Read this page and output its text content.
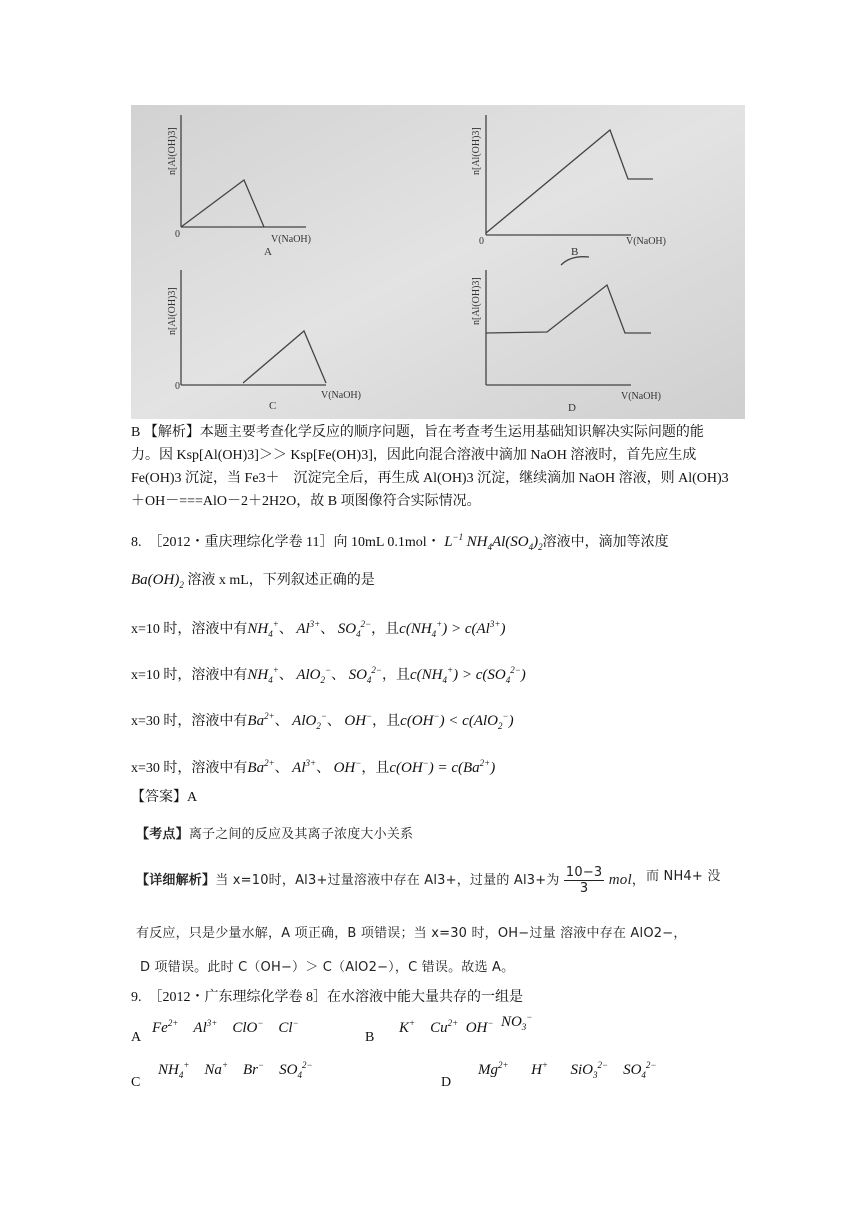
0	V(NaOH)
A
n[Al(OH)3]
0	V(NaOH)
B
n[Al(OH)3]
0
V(NaOH)
C
n[Al(OH)3]
V(NaOH)
D
n[Al(OH)3]
B 【解析】本题主要考查化学反应的顺序问题，旨在考查考生运用基础知识解决实际问题的能力。因 Ksp[Al(OH)3]＞＞ Ksp[Fe(OH)3]，因此向混合溶液中滴加 NaOH 溶液时，首先应生成 Fe(OH)3 沉淀，当 Fe3＋　沉淀完全后，再生成 Al(OH)3 沉淀，继续滴加 NaOH 溶液，则 Al(OH)3＋OH－===AlO－2＋2H2O，故 B 项图像符合实际情况。
8. ［2012・重庆理综化学卷 11］向 10mL 0.1mol・ $L^{-1}$ $NH_4Al(SO_4)_2$溶液中，滴加等浓度
$Ba(OH)_2$ 溶液 x mL，下列叙述正确的是
x=10 时，溶液中有$NH_4^+$、 $Al^{3+}$、 $SO_4^{2-}$，且$c(NH_4^+) > c(Al^{3+})$
x=10 时，溶液中有$NH_4^+$、 AlO$_2$−、 $SO_4^{2-}$，且$c(NH_4^+) > c(SO_4^{2-})$
x=30 时，溶液中有$Ba^{2+}$、 AlO$_2$−、 OH−，且c(OH−) < c(AlO$_2$−)
x=30 时，溶液中有$Ba^{2+}$、 $Al^{3+}$、 OH−，且$c(OH^-) = c(Ba^{2+})$
【答案】A
【考点】离子之间的反应及其离子浓度大小关系
【详细解析】当 x=10时，Al3+过量溶液中存在 Al3+，过量的 Al3+为 $\frac{10-3}{3}$ mol， 而 NH4+ 没
有反应，只是少量水解，A 项正确，B 项错误；当 x=30 时，OH−过量 溶液中存在 AlO2−，
D 项错误。此时 C（OH−）＞ C（AlO2−），C 错误。故选 A。
9. ［2012・广东理综化学卷 8］在水溶液中能大量共存的一组是
A
$Fe^{2+}$    $Al^{3+}$    ClO−    Cl−
B
K+    $Cu^{2+}$  OH− $NO_3^-$
C
$NH_4^+$    Na+    Br−    $SO_4^{2-}$
D
$Mg^{2+}$      H+      SiO$_3^{2-}$    $SO_4^{2-}$
